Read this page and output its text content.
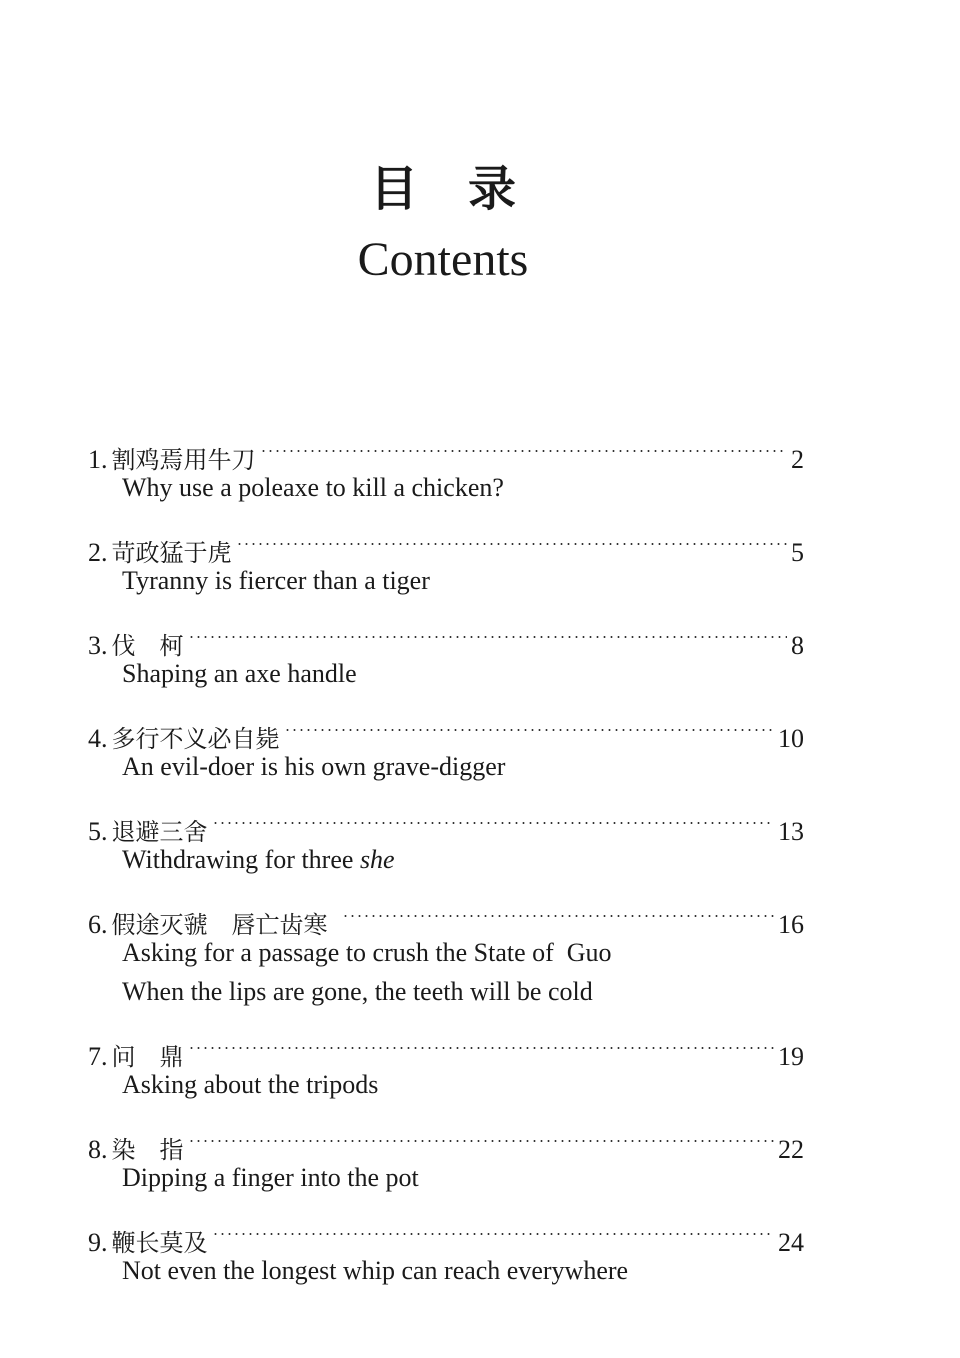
目录
Contents
1. 割鸡焉用牛刀	2
Why use a poleaxe to kill a chicken?
2. 苛政猛于虎	5
Tyranny is fiercer than a tiger
3. 伐　柯	8
Shaping an axe handle
4. 多行不义必自毙	10
An evil-doer is his own grave-digger
5. 退避三舍	13
Withdrawing for three she
6. 假途灭虢　唇亡齿寒	16
Asking for a passage to crush the State of  Guo
When the lips are gone, the teeth will be cold
7. 问　鼎	19
Asking about the tripods
8. 染　指	22
Dipping a finger into the pot
9. 鞭长莫及	24
Not even the longest whip can reach everywhere
